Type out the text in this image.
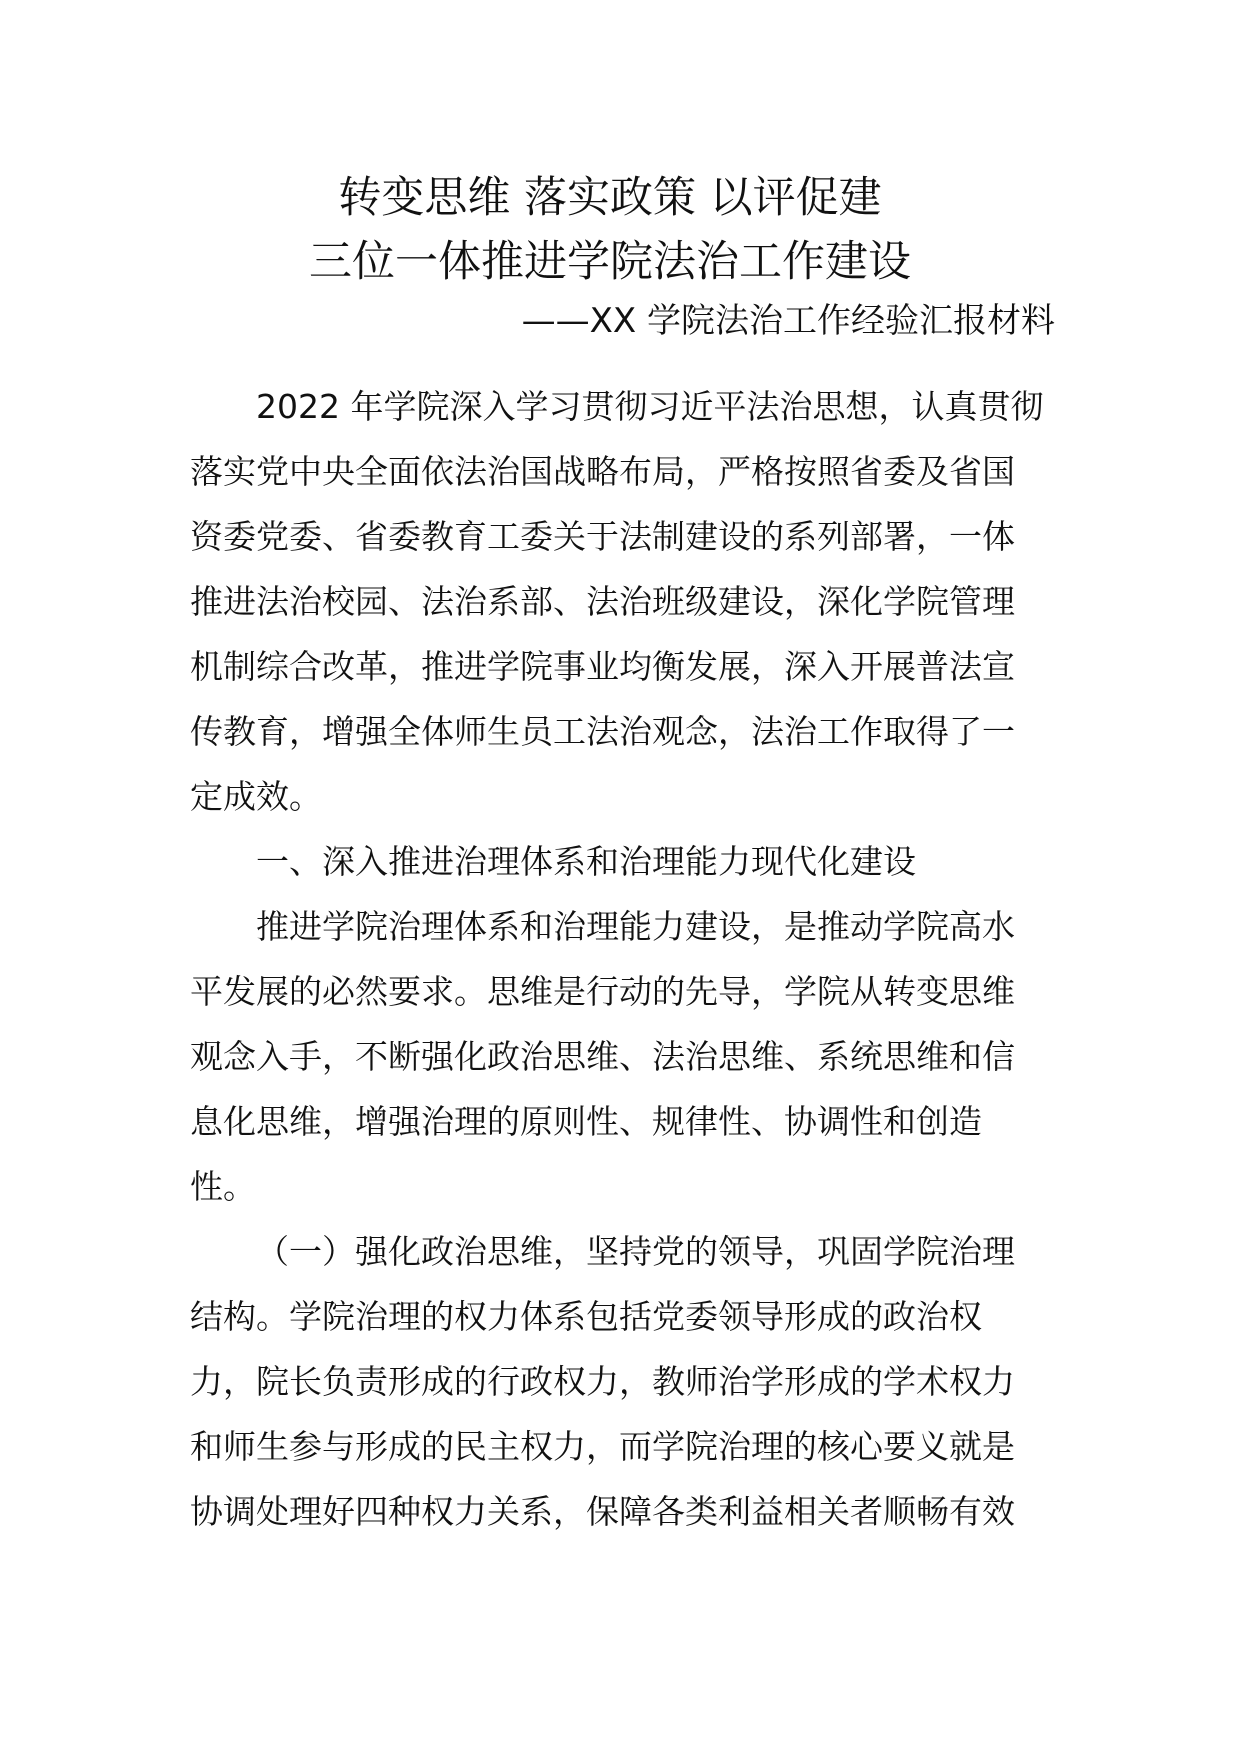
转变思维 落实政策 以评促建
三位一体推进学院法治工作建设
——XX 学院法治工作经验汇报材料
2022 年学院深入学习贯彻习近平法治思想，认真贯彻
落实党中央全面依法治国战略布局，严格按照省委及省国
资委党委、省委教育工委关于法制建设的系列部署，一体
推进法治校园、法治系部、法治班级建设，深化学院管理
机制综合改革，推进学院事业均衡发展，深入开展普法宣
传教育，增强全体师生员工法治观念，法治工作取得了一
定成效。
一、深入推进治理体系和治理能力现代化建设
推进学院治理体系和治理能力建设，是推动学院高水
平发展的必然要求。思维是行动的先导，学院从转变思维
观念入手，不断强化政治思维、法治思维、系统思维和信
息化思维，增强治理的原则性、规律性、协调性和创造
性。
（一）强化政治思维，坚持党的领导，巩固学院治理
结构。学院治理的权力体系包括党委领导形成的政治权
力，院长负责形成的行政权力，教师治学形成的学术权力
和师生参与形成的民主权力，而学院治理的核心要义就是
协调处理好四种权力关系，保障各类利益相关者顺畅有效
